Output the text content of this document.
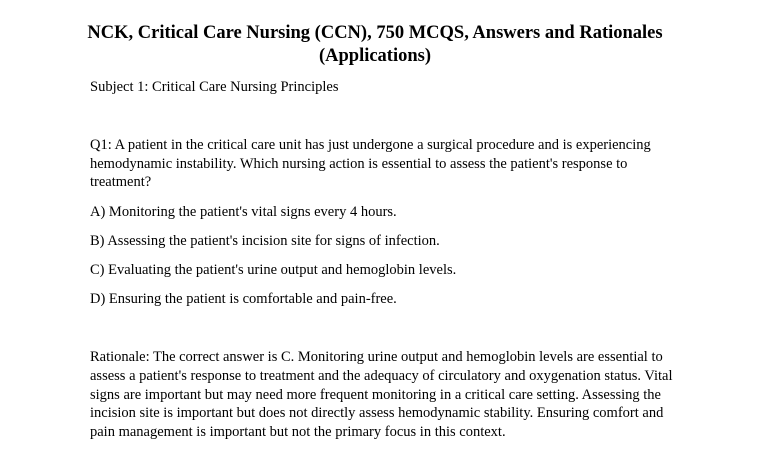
NCK, Critical Care Nursing (CCN), 750 MCQS, Answers and Rationales (Applications)

Subject 1: Critical Care Nursing Principles

Q1: A patient in the critical care unit has just undergone a surgical procedure and is experiencing hemodynamic instability. Which nursing action is essential to assess the patient's response to treatment?

A) Monitoring the patient's vital signs every 4 hours.
B) Assessing the patient's incision site for signs of infection.
C) Evaluating the patient's urine output and hemoglobin levels.
D) Ensuring the patient is comfortable and pain-free.

Rationale: The correct answer is C. Monitoring urine output and hemoglobin levels are essential to assess a patient's response to treatment and the adequacy of circulatory and oxygenation status. Vital signs are important but may need more frequent monitoring in a critical care setting. Assessing the incision site is important but does not directly assess hemodynamic stability. Ensuring comfort and pain management is important but not the primary focus in this context.
